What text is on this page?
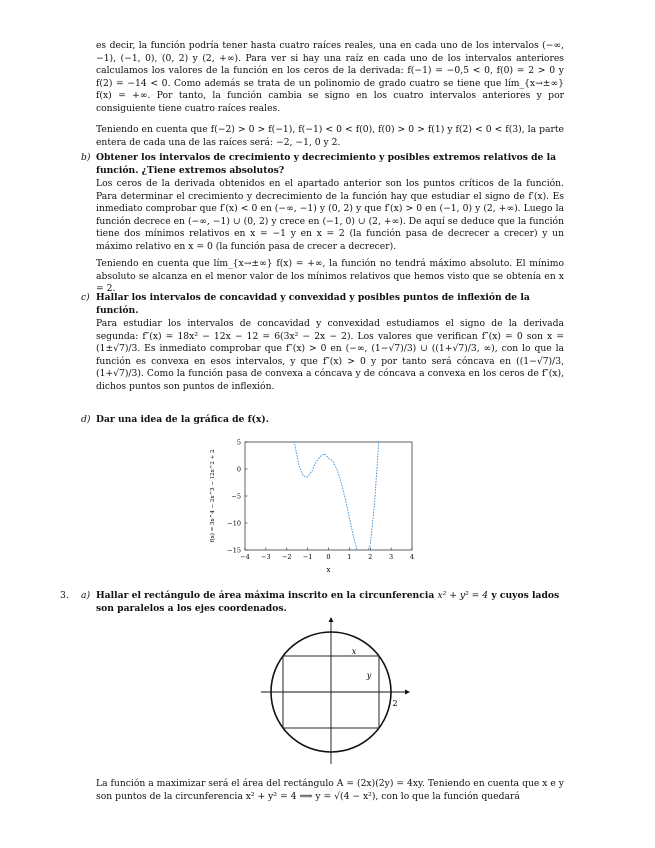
es decir, la función podría tener hasta cuatro raíces reales, una en cada uno de los intervalos (−∞, −1), (−1, 0), (0, 2) y (2, +∞). Para ver si hay una raíz en cada uno de los intervalos anteriores calculamos los valores de la función en los ceros de la derivada: f(−1) = −0,5 < 0, f(0) = 2 > 0 y f(2) = −14 < 0. Como además se trata de un polinomio de grado cuatro se tiene que lím_{x→±∞} f(x) = +∞. Por tanto, la función cambia se signo en los cuatro intervalos anteriores y por consiguiente tiene cuatro raíces reales.

Teniendo en cuenta que f(−2) > 0 > f(−1), f(−1) < 0 < f(0), f(0) > 0 > f(1) y f(2) < 0 < f(3), la parte entera de cada una de las raíces será: −2, −1, 0 y 2.

b) Obtener los intervalos de crecimiento y decrecimiento y posibles extremos relativos de la función. ¿Tiene extremos absolutos?

Los ceros de la derivada obtenidos en el apartado anterior son los puntos críticos de la función. Para determinar el crecimiento y decrecimiento de la función hay que estudiar el signo de f′(x). Es inmediato comprobar que f′(x) < 0 en (−∞, −1) y (0, 2) y que f′(x) > 0 en (−1, 0) y (2, +∞). Luego la función decrece en (−∞, −1) ∪ (0, 2) y crece en (−1, 0) ∪ (2, +∞). De aquí se deduce que la función tiene dos mínimos relativos en x = −1 y en x = 2 (la función pasa de decrecer a crecer) y un máximo relativo en x = 0 (la función pasa de crecer a decrecer).

Teniendo en cuenta que lím_{x→±∞} f(x) = +∞, la función no tendrá máximo absoluto. El mínimo absoluto se alcanza en el menor valor de los mínimos relativos que hemos visto que se obtenía en x = 2.

c) Hallar los intervalos de concavidad y convexidad y posibles puntos de inflexión de la función.

Para estudiar los intervalos de concavidad y convexidad estudiamos el signo de la derivada segunda: f″(x) = 18x² − 12x − 12 = 6(3x² − 2x − 2). Los valores que verifican f″(x) = 0 son x = (1±√7)/3. Es inmediato comprobar que f″(x) > 0 en (−∞, (1−√7)/3) ∪ ((1+√7)/3, ∞), con lo que la función es convexa en esos intervalos, y que f″(x) > 0 y por tanto será cóncava en ((1−√7)/3, (1+√7)/3). Como la función pasa de convexa a cóncava y de cóncava a convexa en los ceros de f″(x), dichos puntos son puntos de inflexión.

d) Dar una idea de la gráfica de f(x).

−4 −3 −2 −1 0	1	2	3	4
5
0
−5
−10
−15
x
f(x) = 3x^4 − 2x^3 − 12x^2 + 2
3. a) Hallar el rectángulo de área máxima inscrito en la circunferencia x² + y² = 4 y cuyos lados son paralelos a los ejes coordenados.

x
y
2

La función a maximizar será el área del rectángulo A = (2x)(2y) = 4xy. Teniendo en cuenta que x e y son puntos de la circunferencia x² + y² = 4 ⟹ y = √(4 − x²), con lo que la función quedará
